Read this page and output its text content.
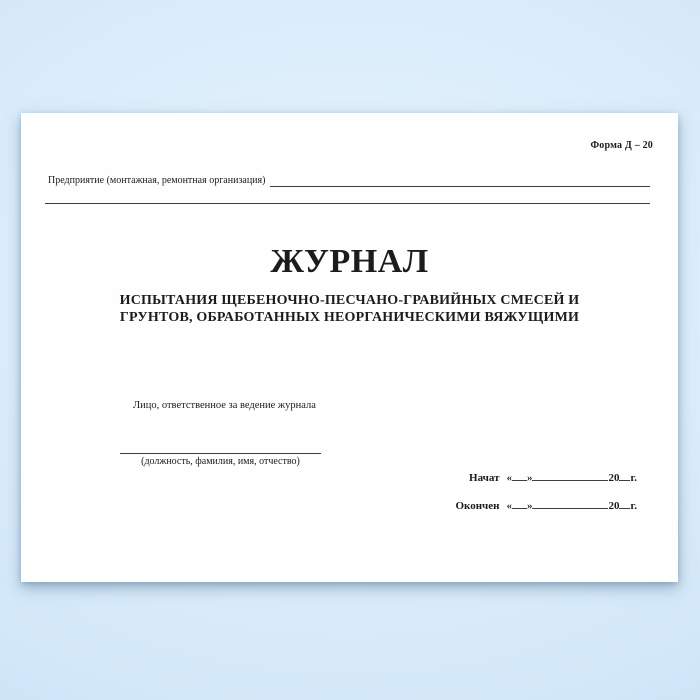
Форма Д – 20
Предприятие (монтажная, ремонтная организация)
ЖУРНАЛ
ИСПЫТАНИЯ ЩЕБЕНОЧНО-ПЕСЧАНО-ГРАВИЙНЫХ СМЕСЕЙ И
ГРУНТОВ, ОБРАБОТАННЫХ НЕОРГАНИЧЕСКИМИ ВЯЖУЩИМИ
Лицо, ответственное за ведение журнала
(должность, фамилия, имя, отчество)
Начат « »	20 г.
Окончен « »	20 г.
